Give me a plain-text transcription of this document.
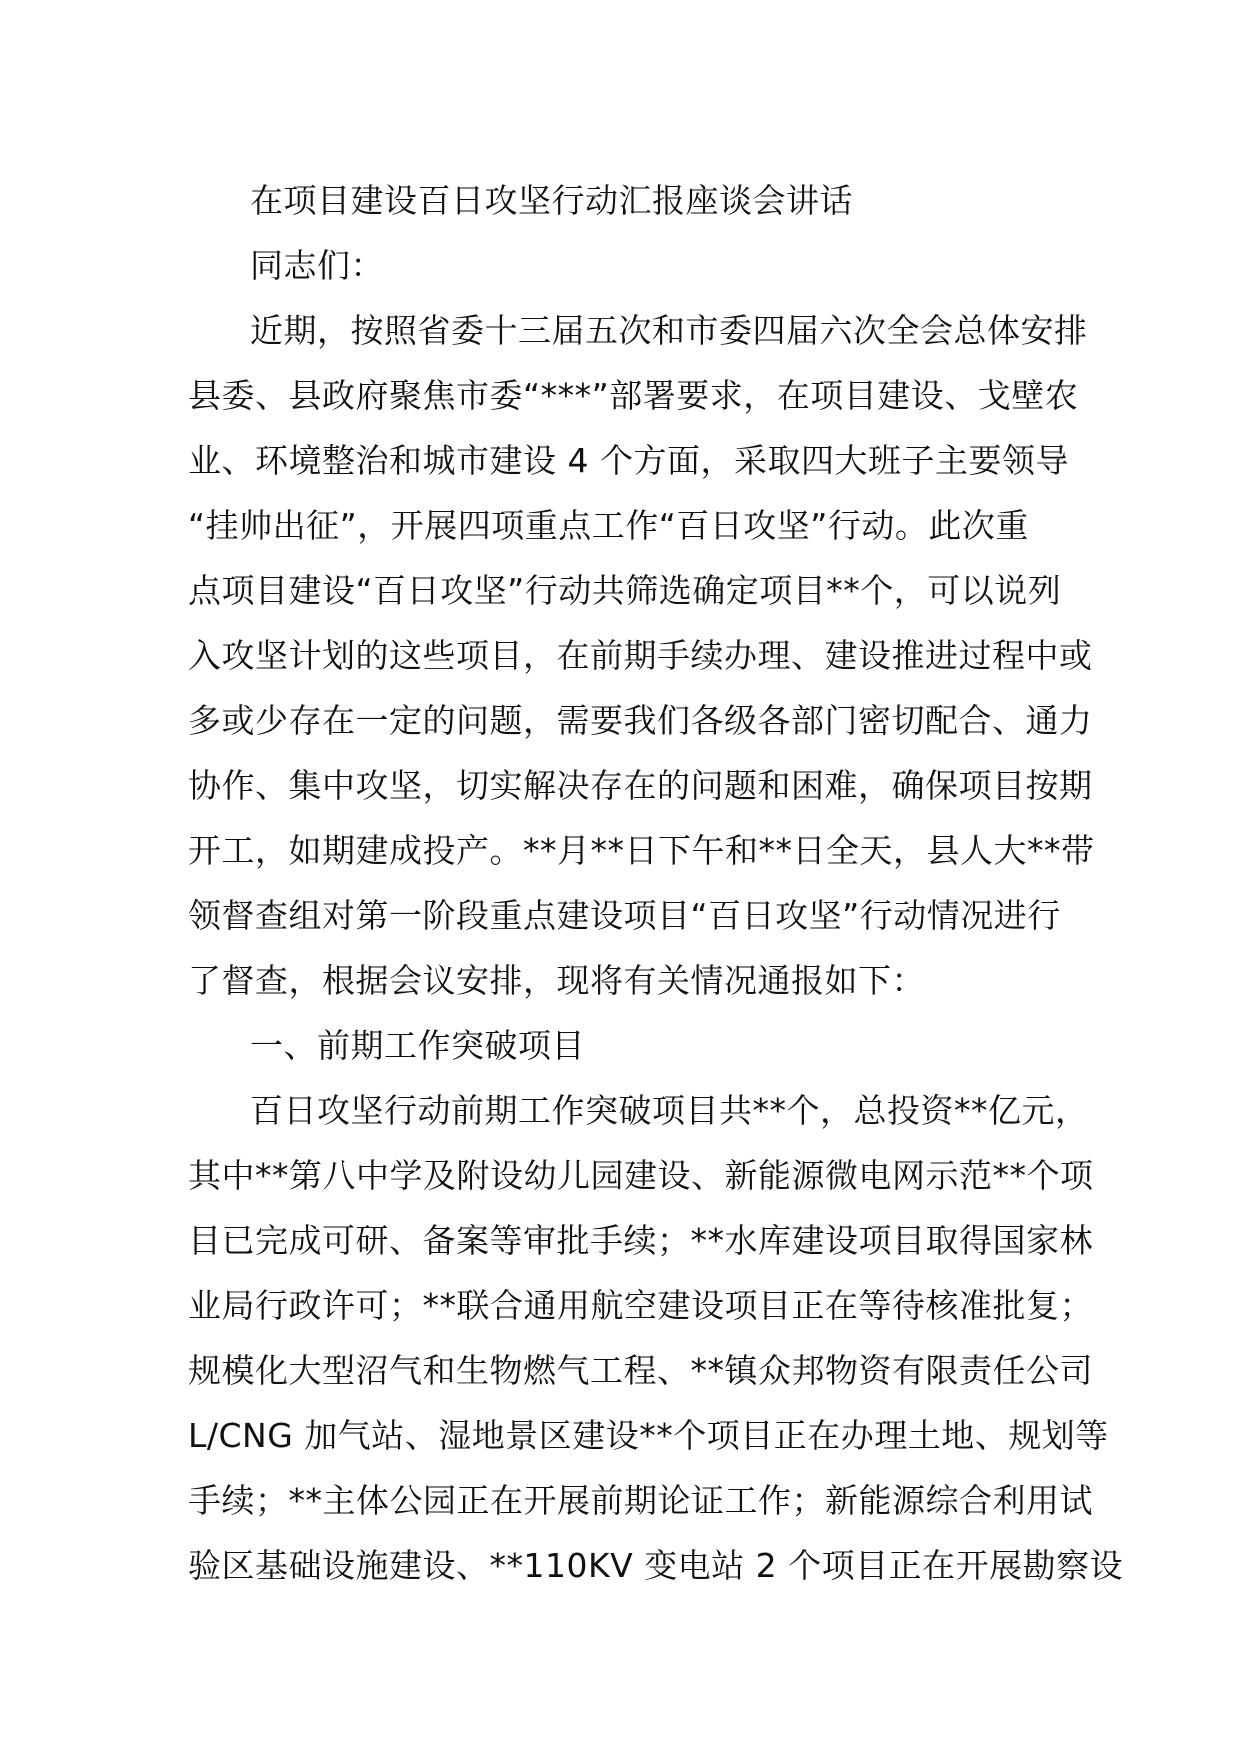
在项目建设百日攻坚行动汇报座谈会讲话
同志们：
近期，按照省委十三届五次和市委四届六次全会总体安排
县委、县政府聚焦市委“***”部署要求，在项目建设、戈壁农
业、环境整治和城市建设 4 个方面，采取四大班子主要领导
“挂帅出征”，开展四项重点工作“百日攻坚”行动。此次重
点项目建设“百日攻坚”行动共筛选确定项目**个，可以说列
入攻坚计划的这些项目，在前期手续办理、建设推进过程中或
多或少存在一定的问题，需要我们各级各部门密切配合、通力
协作、集中攻坚，切实解决存在的问题和困难，确保项目按期
开工，如期建成投产。**月**日下午和**日全天，县人大**带
领督查组对第一阶段重点建设项目“百日攻坚”行动情况进行
了督查，根据会议安排，现将有关情况通报如下：
一、前期工作突破项目
百日攻坚行动前期工作突破项目共**个，总投资**亿元，
其中**第八中学及附设幼儿园建设、新能源微电网示范**个项
目已完成可研、备案等审批手续；**水库建设项目取得国家林
业局行政许可；**联合通用航空建设项目正在等待核准批复；
规模化大型沼气和生物燃气工程、**镇众邦物资有限责任公司
L/CNG 加气站、湿地景区建设**个项目正在办理土地、规划等
手续；**主体公园正在开展前期论证工作；新能源综合利用试
验区基础设施建设、**110KV 变电站 2 个项目正在开展勘察设
